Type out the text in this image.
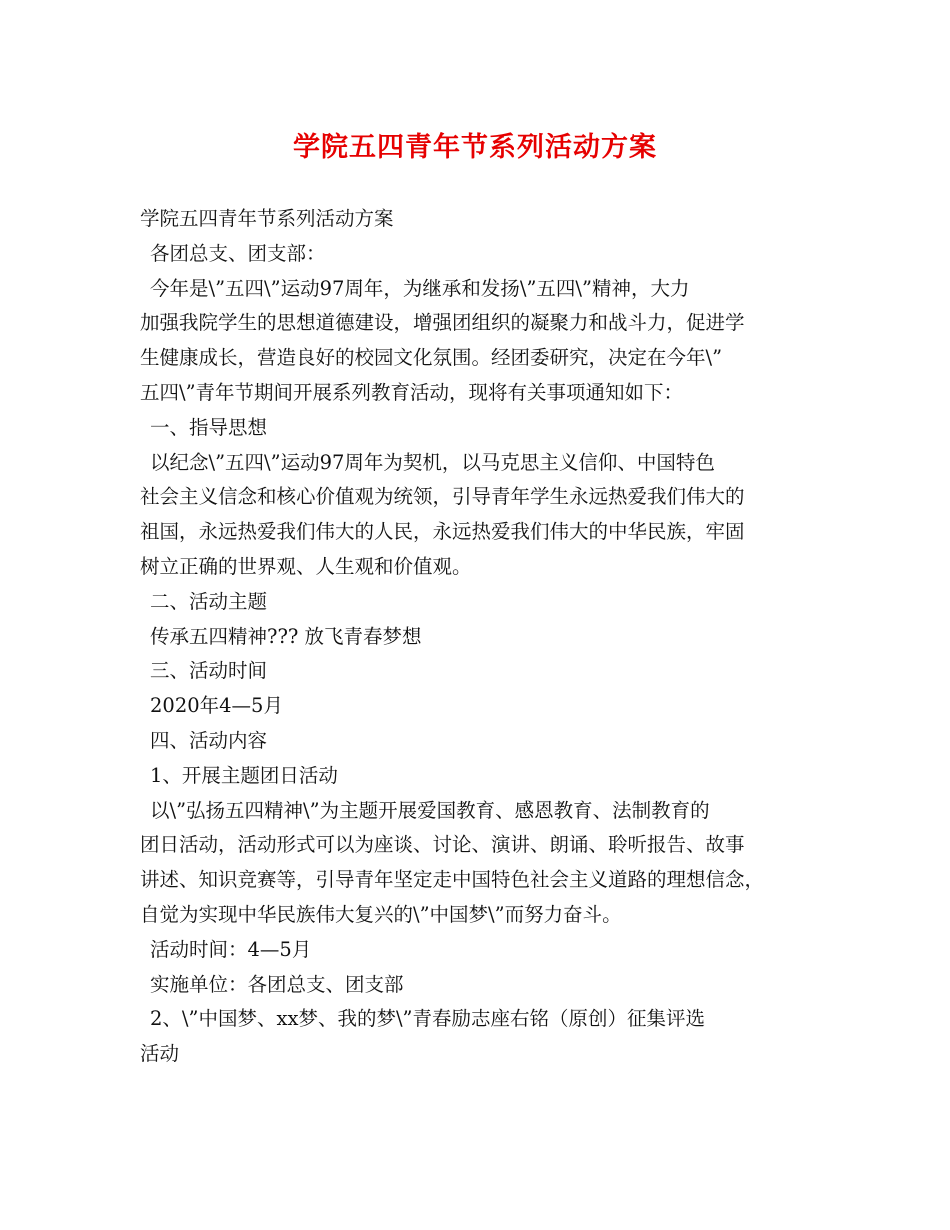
学院五四青年节系列活动方案

学院五四青年节系列活动方案

各团总支、团支部：

今年是\”五四\”运动97周年，为继承和发扬\”五四\”精神，大力

加强我院学生的思想道德建设，增强团组织的凝聚力和战斗力，促进学

生健康成长，营造良好的校园文化氛围。经团委研究，决定在今年\”

五四\”青年节期间开展系列教育活动，现将有关事项通知如下：

一、指导思想

以纪念\”五四\”运动97周年为契机，以马克思主义信仰、中国特色

社会主义信念和核心价值观为统领，引导青年学生永远热爱我们伟大的

祖国，永远热爱我们伟大的人民，永远热爱我们伟大的中华民族，牢固

树立正确的世界观、人生观和价值观。

二、活动主题

传承五四精神??? 放飞青春梦想

三、活动时间

2020年4—5月

四、活动内容

1、开展主题团日活动

以\”弘扬五四精神\”为主题开展爱国教育、感恩教育、法制教育的

团日活动，活动形式可以为座谈、讨论、演讲、朗诵、聆听报告、故事

讲述、知识竞赛等，引导青年坚定走中国特色社会主义道路的理想信念，

自觉为实现中华民族伟大复兴的\”中国梦\”而努力奋斗。

活动时间：4—5月

实施单位：各团总支、团支部

2、\”中国梦、xx梦、我的梦\”青春励志座右铭（原创）征集评选

活动
